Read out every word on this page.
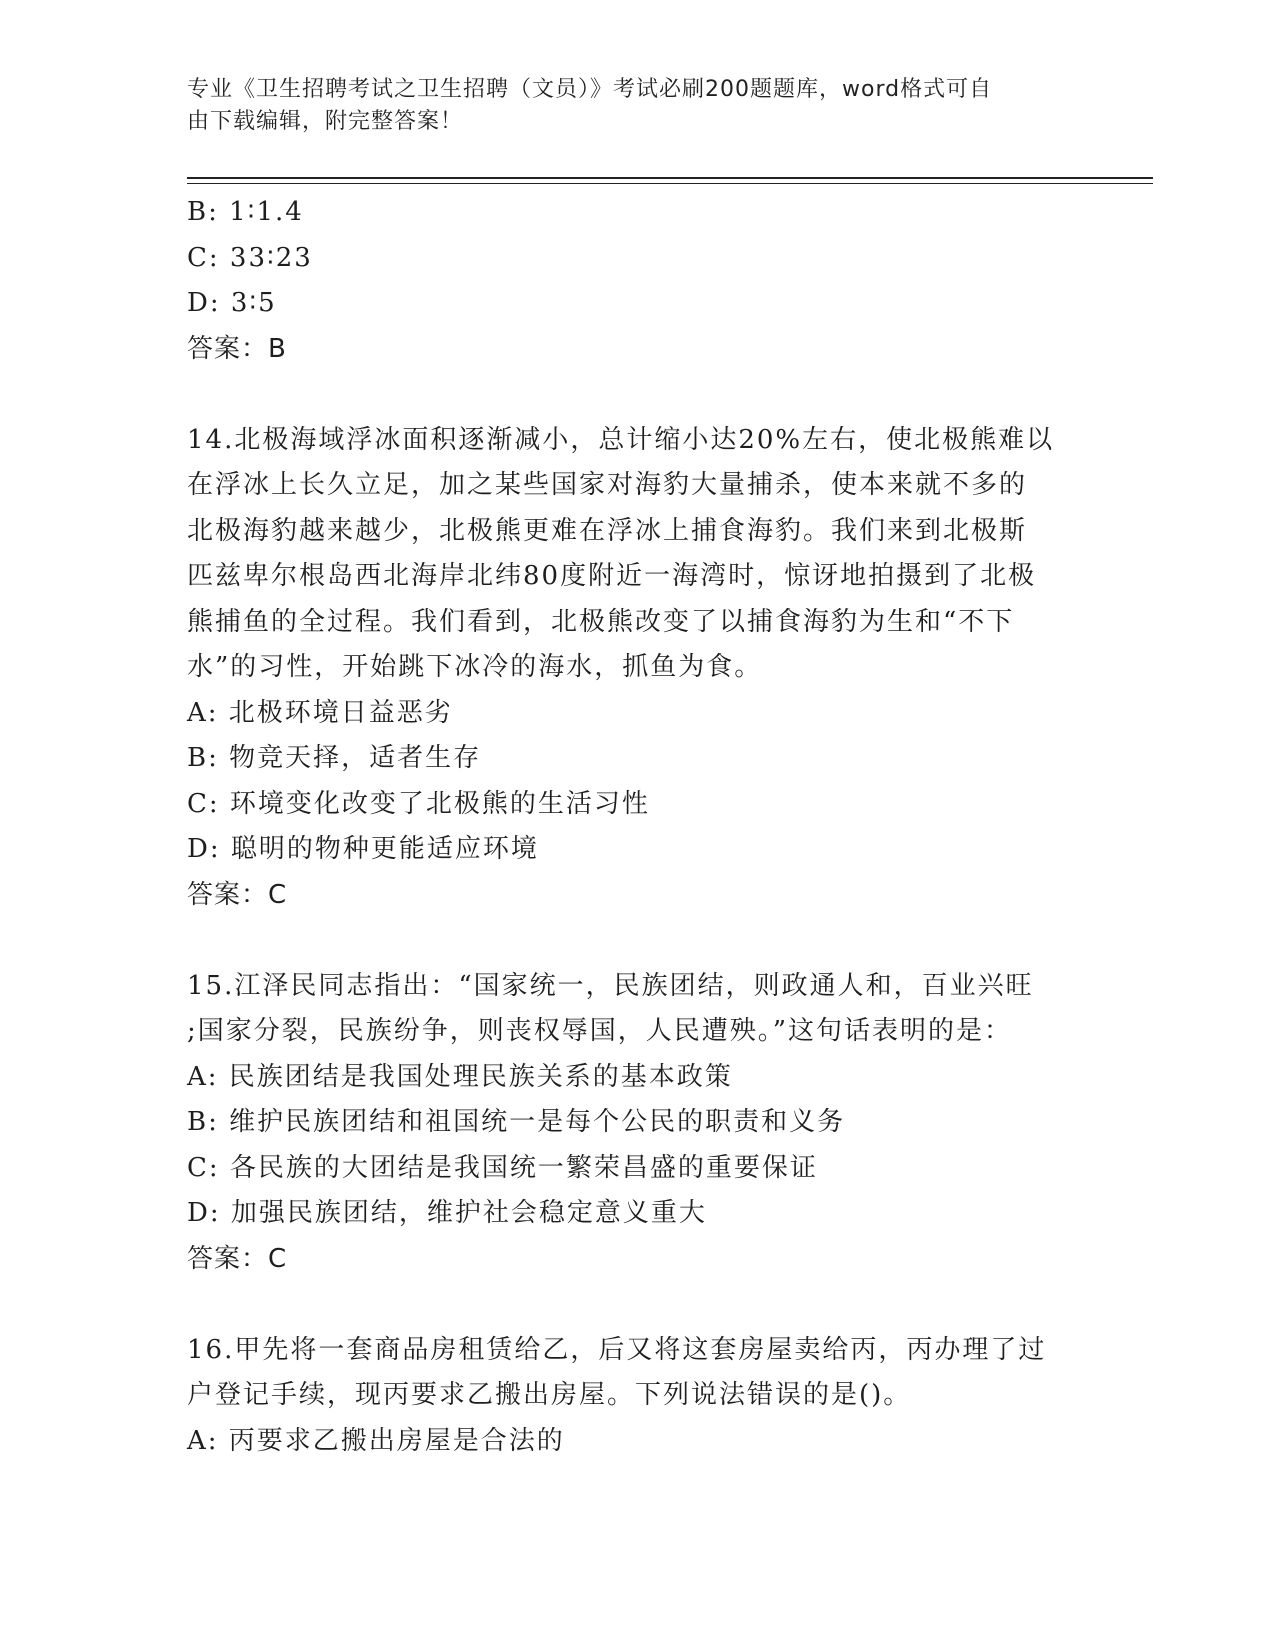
专业《卫生招聘考试之卫生招聘（文员）》考试必刷200题题库，word格式可自
由下载编辑，附完整答案！
B: 1∶1.4
C: 33∶23
D: 3∶5
答案：B
14.北极海域浮冰面积逐渐减小，总计缩小达20%左右，使北极熊难以
在浮冰上长久立足，加之某些国家对海豹大量捕杀，使本来就不多的
北极海豹越来越少，北极熊更难在浮冰上捕食海豹。我们来到北极斯
匹兹卑尔根岛西北海岸北纬80度附近一海湾时，惊讶地拍摄到了北极
熊捕鱼的全过程。我们看到，北极熊改变了以捕食海豹为生和“不下
水”的习性，开始跳下冰冷的海水，抓鱼为食。
A: 北极环境日益恶劣
B: 物竞天择，适者生存
C: 环境变化改变了北极熊的生活习性
D: 聪明的物种更能适应环境
答案：C
15.江泽民同志指出：“国家统一，民族团结，则政通人和，百业兴旺
;国家分裂，民族纷争，则丧权辱国，人民遭殃。”这句话表明的是：
A: 民族团结是我国处理民族关系的基本政策
B: 维护民族团结和祖国统一是每个公民的职责和义务
C: 各民族的大团结是我国统一繁荣昌盛的重要保证
D: 加强民族团结，维护社会稳定意义重大
答案：C
16.甲先将一套商品房租赁给乙，后又将这套房屋卖给丙，丙办理了过
户登记手续，现丙要求乙搬出房屋。下列说法错误的是()。
A: 丙要求乙搬出房屋是合法的
